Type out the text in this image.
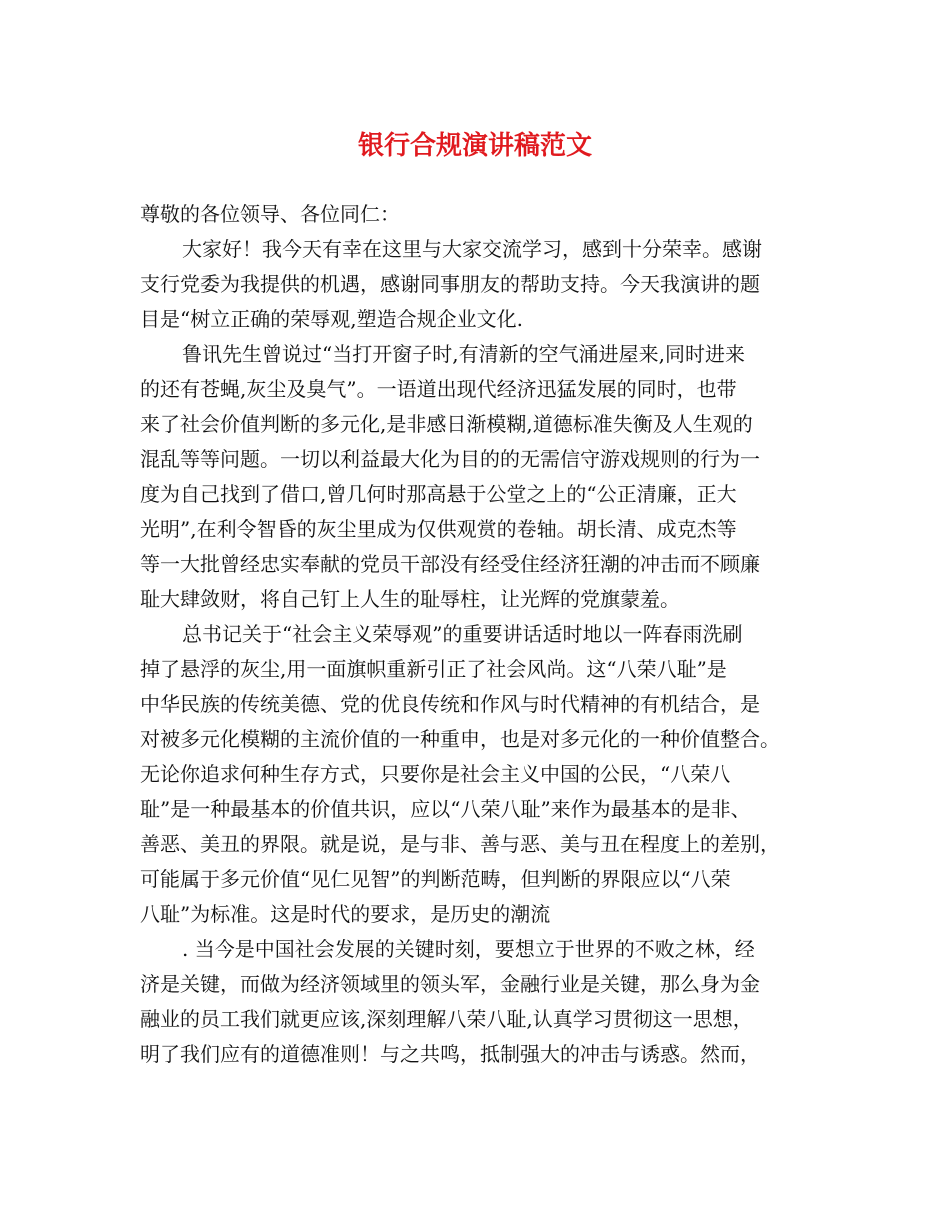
银行合规演讲稿范文
尊敬的各位领导、各位同仁：
大家好！我今天有幸在这里与大家交流学习，感到十分荣幸。感谢
支行党委为我提供的机遇，感谢同事朋友的帮助支持。今天我演讲的题
目是“树立正确的荣辱观,塑造合规企业文化.
鲁讯先生曾说过“当打开窗子时,有清新的空气涌进屋来,同时进来
的还有苍蝇,灰尘及臭气”。一语道出现代经济迅猛发展的同时，也带
来了社会价值判断的多元化,是非感日渐模糊,道德标准失衡及人生观的
混乱等等问题。一切以利益最大化为目的的无需信守游戏规则的行为一
度为自己找到了借口,曾几何时那高悬于公堂之上的“公正清廉，正大
光明”,在利令智昏的灰尘里成为仅供观赏的卷轴。胡长清、成克杰等
等一大批曾经忠实奉献的党员干部没有经受住经济狂潮的冲击而不顾廉
耻大肆敛财，将自己钉上人生的耻辱柱，让光辉的党旗蒙羞。
总书记关于“社会主义荣辱观”的重要讲话适时地以一阵春雨洗刷
掉了悬浮的灰尘,用一面旗帜重新引正了社会风尚。这“八荣八耻”是
中华民族的传统美德、党的优良传统和作风与时代精神的有机结合，是
对被多元化模糊的主流价值的一种重申，也是对多元化的一种价值整合。
无论你追求何种生存方式，只要你是社会主义中国的公民，“八荣八
耻”是一种最基本的价值共识，应以“八荣八耻”来作为最基本的是非、
善恶、美丑的界限。就是说，是与非、善与恶、美与丑在程度上的差别，
可能属于多元价值“见仁见智”的判断范畴，但判断的界限应以“八荣
八耻”为标准。这是时代的要求，是历史的潮流
. 当今是中国社会发展的关键时刻，要想立于世界的不败之林，经
济是关键，而做为经济领域里的领头军，金融行业是关键，那么身为金
融业的员工我们就更应该,深刻理解八荣八耻,认真学习贯彻这一思想，
明了我们应有的道德准则！与之共鸣，抵制强大的冲击与诱惑。然而，
